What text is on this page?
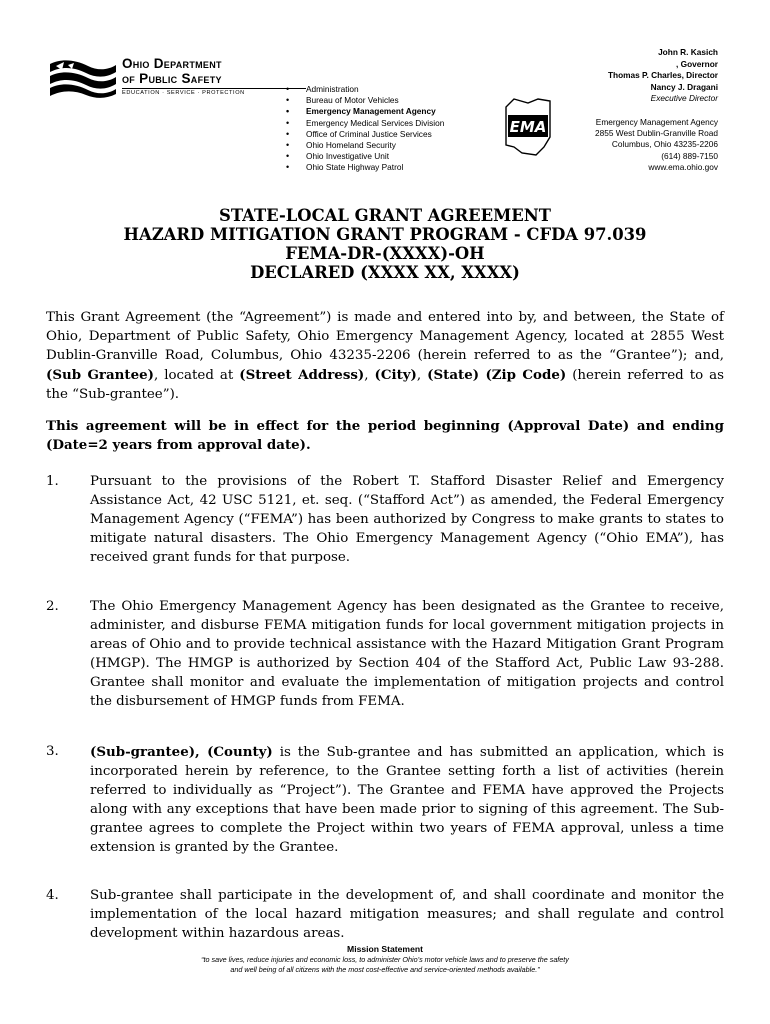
Ohio Department
of Public Safety
EDUCATION · SERVICE · PROTECTION
•	Administration
• Bureau of Motor Vehicles
• Emergency Management Agency
• Emergency Medical Services Division
• Office of Criminal Justice Services
• Ohio Homeland Security
• Ohio Investigative Unit
• Ohio State Highway Patrol
EMA
John R. Kasich
, Governor
Thomas P. Charles, Director
Nancy J. Dragani
Executive Director
Emergency Management Agency
2855 West Dublin-Granville Road
Columbus, Ohio 43235-2206
(614) 889-7150
www.ema.ohio.gov
STATE-LOCAL GRANT AGREEMENT
HAZARD MITIGATION GRANT PROGRAM - CFDA 97.039
FEMA-DR-(XXXX)-OH
DECLARED (XXXX XX, XXXX)
This Grant Agreement (the “Agreement”) is made and entered into by, and between, the State of Ohio, Department of Public Safety, Ohio Emergency Management Agency, located at 2855 West Dublin-Granville Road, Columbus, Ohio 43235-2206 (herein referred to as the “Grantee”); and, (Sub Grantee), located at (Street Address), (City), (State) (Zip Code) (herein referred to as the “Sub-grantee”).
This agreement will be in effect for the period beginning (Approval Date) and ending (Date=2 years from approval date).
1. Pursuant to the provisions of the Robert T. Stafford Disaster Relief and Emergency Assistance Act, 42 USC 5121, et. seq. (“Stafford Act”) as amended, the Federal Emergency Management Agency (“FEMA”) has been authorized by Congress to make grants to states to mitigate natural disasters. The Ohio Emergency Management Agency (“Ohio EMA”), has received grant funds for that purpose.
2. The Ohio Emergency Management Agency has been designated as the Grantee to receive, administer, and disburse FEMA mitigation funds for local government mitigation projects in areas of Ohio and to provide technical assistance with the Hazard Mitigation Grant Program (HMGP). The HMGP is authorized by Section 404 of the Stafford Act, Public Law 93-288. Grantee shall monitor and evaluate the implementation of mitigation projects and control the disbursement of HMGP funds from FEMA.
3. (Sub-grantee), (County) is the Sub-grantee and has submitted an application, which is incorporated herein by reference, to the Grantee setting forth a list of activities (herein referred to individually as “Project”). The Grantee and FEMA have approved the Projects along with any exceptions that have been made prior to signing of this agreement. The Sub-grantee agrees to complete the Project within two years of FEMA approval, unless a time extension is granted by the Grantee.
4. Sub-grantee shall participate in the development of, and shall coordinate and monitor the implementation of the local hazard mitigation measures; and shall regulate and control development within hazardous areas.
Mission Statement
“to save lives, reduce injuries and economic loss, to administer Ohio’s motor vehicle laws and to preserve the safety
and well being of all citizens with the most cost-effective and service-oriented methods available.”
